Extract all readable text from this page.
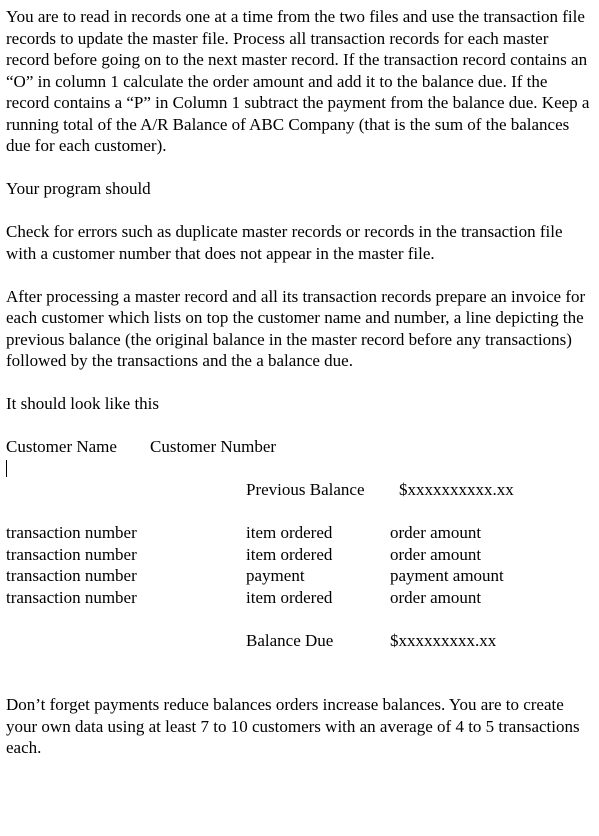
You are to read in records one at a time from the two files and use the transaction file records to update the master file. Process all transaction records for each master record before going on to the next master record. If the transaction record contains an “O” in column 1 calculate the order amount and add it to the balance due. If the record contains a “P” in Column 1 subtract the payment from the balance due. Keep a running total of the A/R Balance of ABC Company (that is the sum of the balances due for each customer).

Your program should

Check for errors such as duplicate master records or records in the transaction file with a customer number that does not appear in the master file.

After processing a master record and all its transaction records prepare an invoice for each customer which lists on top the customer name and number, a line depicting the previous balance (the original balance in the master record before any transactions) followed by the transactions and the a balance due.

It should look like this

Customer Name Customer Number
Previous Balance $xxxxxxxxxx.xx
transaction number	item ordered	order amount
transaction number	item ordered	order amount
transaction number	payment	payment amount
transaction number	item ordered	order amount
Balance Due	$xxxxxxxxx.xx

Don’t forget payments reduce balances orders increase balances. You are to create your own data using at least 7 to 10 customers with an average of 4 to 5 transactions each.
